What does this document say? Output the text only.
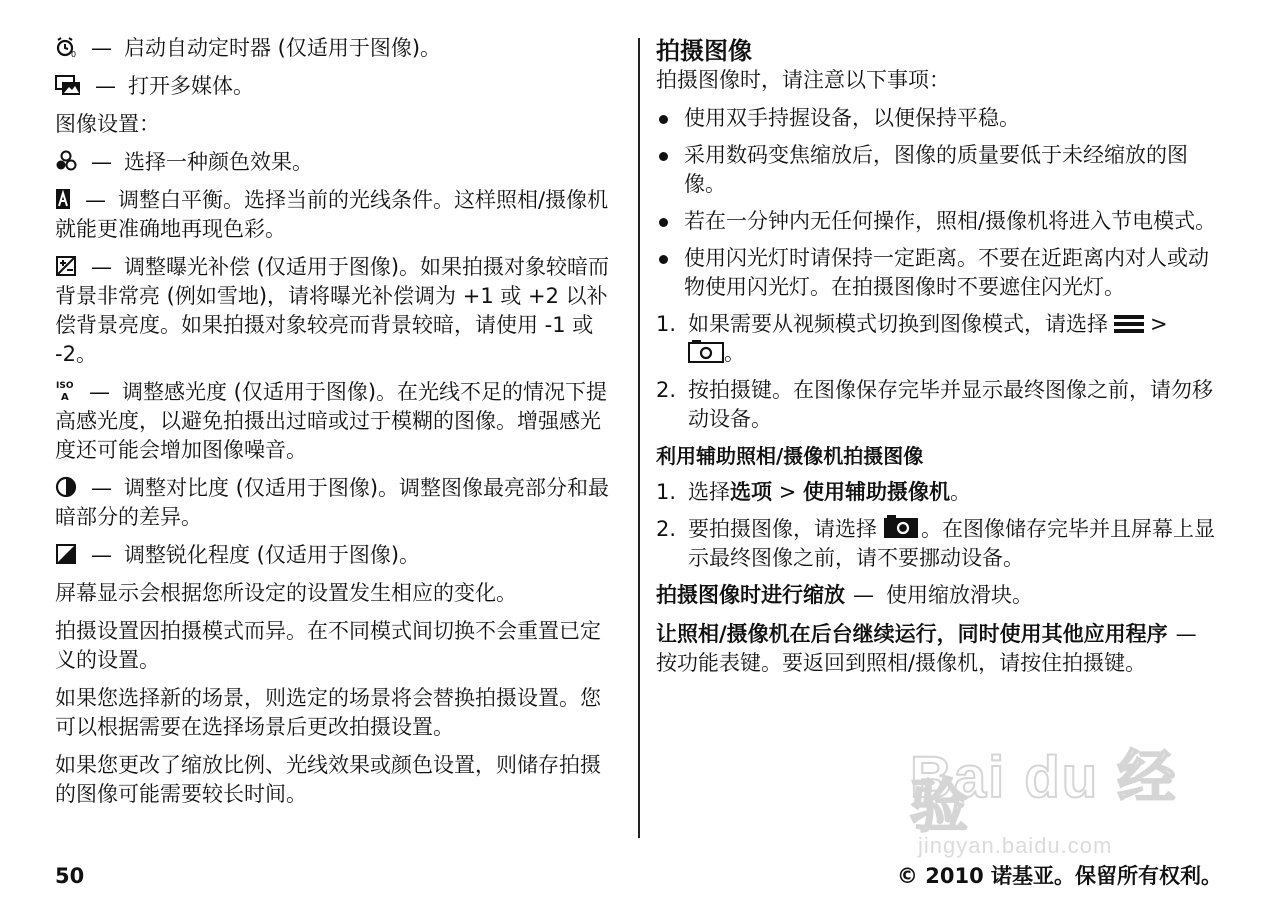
0 — 启动自动定时器 (仅适用于图像)。

— 打开多媒体。

图像设置：

— 选择一种颜色效果。

— 调整白平衡。选择当前的光线条件。这样照相/摄像机就能更准确地再现色彩。

— 调整曝光补偿 (仅适用于图像)。如果拍摄对象较暗而背景非常亮 (例如雪地)，请将曝光补偿调为 +1 或 +2 以补偿背景亮度。如果拍摄对象较亮而背景较暗，请使用 -1 或 -2。

ISO
A — 调整感光度 (仅适用于图像)。在光线不足的情况下提高感光度，以避免拍摄出过暗或过于模糊的图像。增强感光度还可能会增加图像噪音。

— 调整对比度 (仅适用于图像)。调整图像最亮部分和最暗部分的差异。

— 调整锐化程度 (仅适用于图像)。

屏幕显示会根据您所设定的设置发生相应的变化。

拍摄设置因拍摄模式而异。在不同模式间切换不会重置已定义的设置。

如果您选择新的场景，则选定的场景将会替换拍摄设置。您可以根据需要在选择场景后更改拍摄设置。

如果您更改了缩放比例、光线效果或颜色设置，则储存拍摄的图像可能需要较长时间。

拍摄图像

拍摄图像时，请注意以下事项：

使用双手持握设备，以便保持平稳。
采用数码变焦缩放后，图像的质量要低于未经缩放的图像。
若在一分钟内无任何操作，照相/摄像机将进入节电模式。
使用闪光灯时请保持一定距离。不要在近距离内对人或动物使用闪光灯。在拍摄图像时不要遮住闪光灯。
1. 如果需要从视频模式切换到图像模式，请选择 >
。
2. 按拍摄键。在图像保存完毕并显示最终图像之前，请勿移动设备。
利用辅助照相/摄像机拍摄图像
1. 选择选项 > 使用辅助摄像机。
2. 要拍摄图像，请选择 。在图像储存完毕并且屏幕上显示最终图像之前，请不要挪动设备。

拍摄图像时进行缩放 — 使用缩放滑块。

让照相/摄像机在后台继续运行，同时使用其他应用程序 —按功能表键。要返回到照相/摄像机，请按住拍摄键。

Bai du 经验
jingyan.baidu.com
50	© 2010 诺基亚。保留所有权利。
